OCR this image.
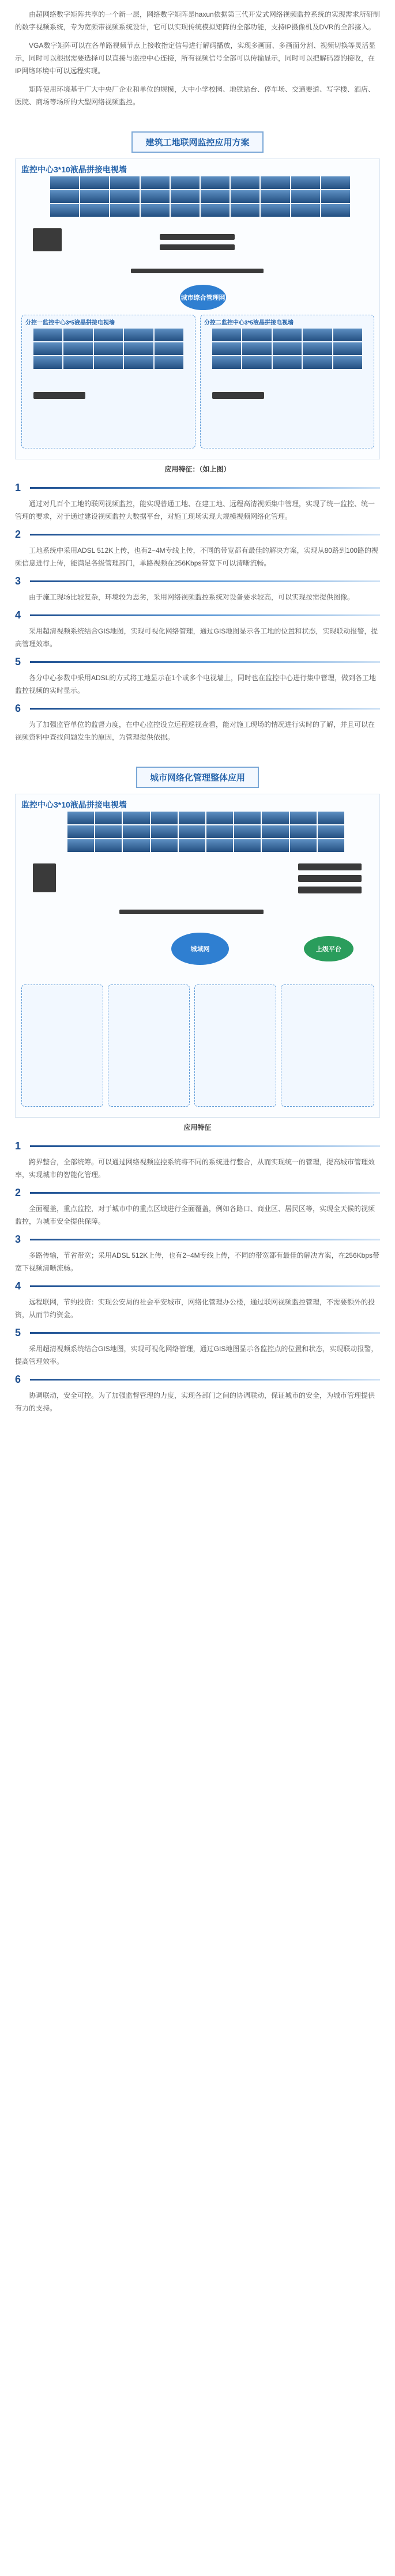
由超网络数字矩阵共享的一个新一层，网络数字矩阵是haxun依据第三代开发式网络视频监控系统的实现需求所研制的数字视频系统，专为宽频带视频系统设计，它可以实现传统模拟矩阵的全部功能，支持IP摄像机及DVR的全部接入。

VGA数字矩阵可以在各单路视频节点上接收指定信号进行解码播放，实现多画面、多画面分割、视频切换等灵活显示，同时可以根据需要选择可以直接与监控中心连接，所有视频信号全部可以传输显示，同时可以把解码器的接收，在IP网络环境中可以远程实现。

矩阵使用环境基于广大中央厂企业和单位的规模，大中小学校园、地铁站台、停车场、交通要道、写字楼、酒店、医院、商场等场所的大型网络视频监控。

建筑工地联网监控应用方案
监控中心3*10液晶拼接电视墙
城市综合管理网
分控一监控中心3*5液晶拼接电视墙	分控二监控中心3*5液晶拼接电视墙
应用特征：（如上图）
1

通过对几百个工地的联网视频监控，能实现普通工地、在建工地、远程高清视频集中管理，实现了统一监控、统一管理的要求，对于通过建设视频监控大数据平台，对施工现场实现大规模视频网络化管理。

2

工地系统中采用ADSL 512K上传，也有2~4M专线上传，不同的带宽都有最佳的解决方案，实现从80路到100路的视频信息进行上传，能满足各级管理部门，单路视频在256Kbps带宽下可以清晰流畅。

3

由于施工现场比较复杂，环境较为恶劣，采用网络视频监控系统对设备要求较高，可以实现按需提供图像。

4

采用超清视频系统结合GIS地图，实现可视化网络管理，通过GIS地图显示各工地的位置和状态，实现联动报警，提高管理效率。

5

各分中心参数中采用ADSL的方式将工地显示在1个或多个电视墙上，同时也在监控中心进行集中管理，做到各工地监控视频的实时显示。

6

为了加强监管单位的监督力度，在中心监控设立远程巡视查看，能对施工现场的情况进行实时的了解，并且可以在视频资料中查找问题发生的原因，为管理提供依据。

城市网络化管理整体应用
监控中心3*10液晶拼接电视墙
城域网	上级平台
应用特征
1

跨界整合，全部统筹。可以通过网络视频监控系统将不同的系统进行整合，从而实现统一的管理，提高城市管理效率，实现城市的智能化管理。

2

全面覆盖，重点监控，对于城市中的重点区域进行全面覆盖，例如各路口、商业区、居民区等，实现全天候的视频监控，为城市安全提供保障。

3

多路传输，节省带宽；采用ADSL 512K上传，也有2~4M专线上传，不同的带宽都有最佳的解决方案，在256Kbps带宽下视频清晰流畅。

4

远程联网，节约投资：实现公安局的社会平安城市，网络化管理办公楼，通过联网视频监控管理，不需要额外的投资，从而节约资金。

5

采用超清视频系统结合GIS地图，实现可视化网络管理，通过GIS地图显示各监控点的位置和状态，实现联动报警，提高管理效率。

6

协调联动，安全可控。为了加强监督管理的力度，实现各部门之间的协调联动，保证城市的安全，为城市管理提供有力的支持。
